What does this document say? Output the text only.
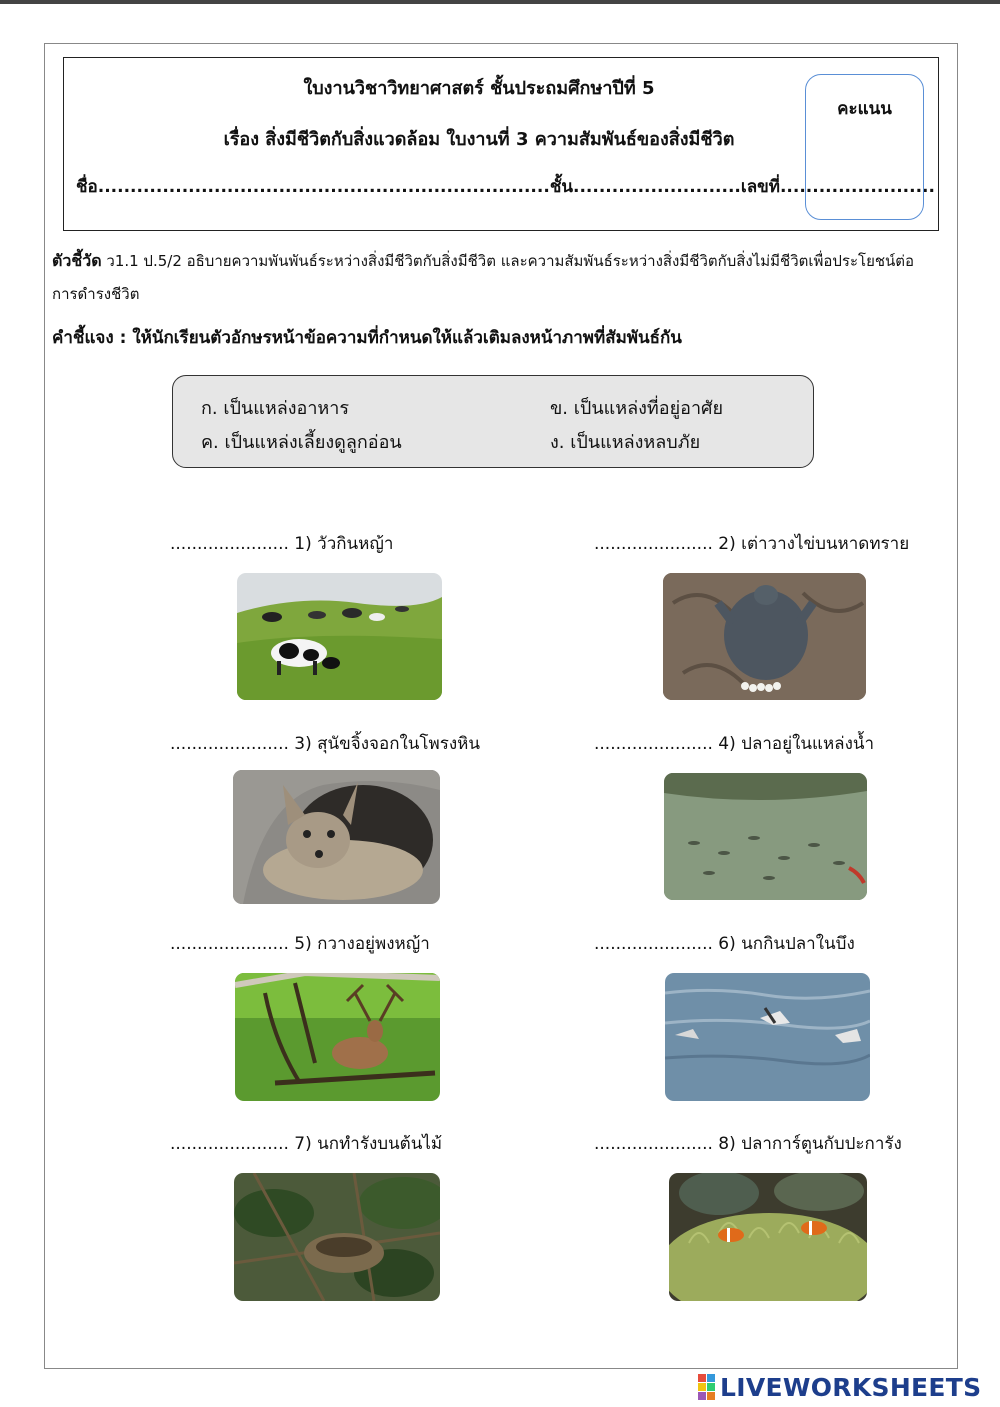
ใบงานวิชาวิทยาศาสตร์ ชั้นประถมศึกษาปีที่ 5
เรื่อง สิ่งมีชีวิตกับสิ่งแวดล้อม ใบงานที่ 3 ความสัมพันธ์ของสิ่งมีชีวิต
ชื่อ......................................................................ชั้น..........................เลขที่........................
คะแนน
ตัวชี้วัด ว1.1 ป.5/2 อธิบายความพันพันธ์ระหว่างสิ่งมีชีวิตกับสิ่งมีชีวิต และความสัมพันธ์ระหว่างสิ่งมีชีวิตกับสิ่งไม่มีชีวิตเพื่อประโยชน์ต่อการดำรงชีวิต
คำชี้แจง : ให้นักเรียนตัวอักษรหน้าข้อความที่กำหนดให้แล้วเติมลงหน้าภาพที่สัมพันธ์กัน
ก. เป็นแหล่งอาหาร	ข. เป็นแหล่งที่อยู่อาศัย
ค. เป็นแหล่งเลี้ยงดูลูกอ่อน	ง. เป็นแหล่งหลบภัย
...................... 1) วัวกินหญ้า	...................... 2) เต่าวางไข่บนหาดทราย
...................... 3) สุนัขจิ้งจอกในโพรงหิน	...................... 4) ปลาอยู่ในแหล่งน้ำ
...................... 5) กวางอยู่พงหญ้า	...................... 6) นกกินปลาในบึง
...................... 7) นกทำรังบนต้นไม้	...................... 8) ปลาการ์ตูนกับปะการัง
LIVEWORKSHEETS
